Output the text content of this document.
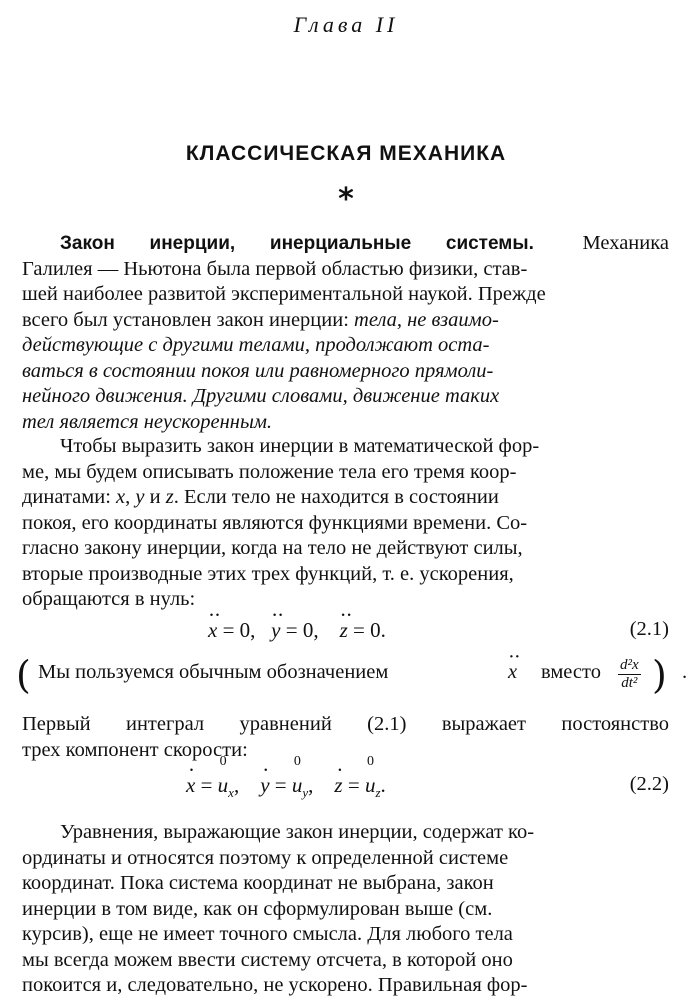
Глава II
КЛАССИЧЕСКАЯ МЕХАНИКА
*
Закон инерции, инерциальные системы. Механика
Галилея — Ньютона была первой областью физики, став-
шей наиболее развитой экспериментальной наукой. Прежде
всего был установлен закон инерции: тела, не взаимо-
действующие с другими телами, продолжают оста-
ваться в состоянии покоя или равномерного прямоли-
нейного движения. Другими словами, движение таких
тел является неускоренным.
Чтобы выразить закон инерции в математической фор-
ме, мы будем описывать положение тела его тремя коор-
динатами: x, y и z. Если тело не находится в состоянии
покоя, его координаты являются функциями времени. Со-
гласно закону инерции, когда на тело не действуют силы,
вторые производные этих трех функций, т. е. ускорения,
обращаются в нуль:
·· x = 0, ·· y = 0, ·· z = 0.	(2.1)
( Мы пользуемся обычным обозначением	·· x вместо $\frac{\text{d²x}}{\text{dt²}}$ ) .
Первый интеграл уравнений (2.1) выражает постоянство
трех компонент скорости:
· x = 0 $u_x$, · y = 0 $u_y$, · z = 0 $u_z$.	(2.2)
Уравнения, выражающие закон инерции, содержат ко-
ординаты и относятся поэтому к определенной системе
координат. Пока система координат не выбрана, закон
инерции в том виде, как он сформулирован выше (см.
курсив), еще не имеет точного смысла. Для любого тела
мы всегда можем ввести систему отсчета, в которой оно
покоится и, следовательно, не ускорено. Правильная фор-
